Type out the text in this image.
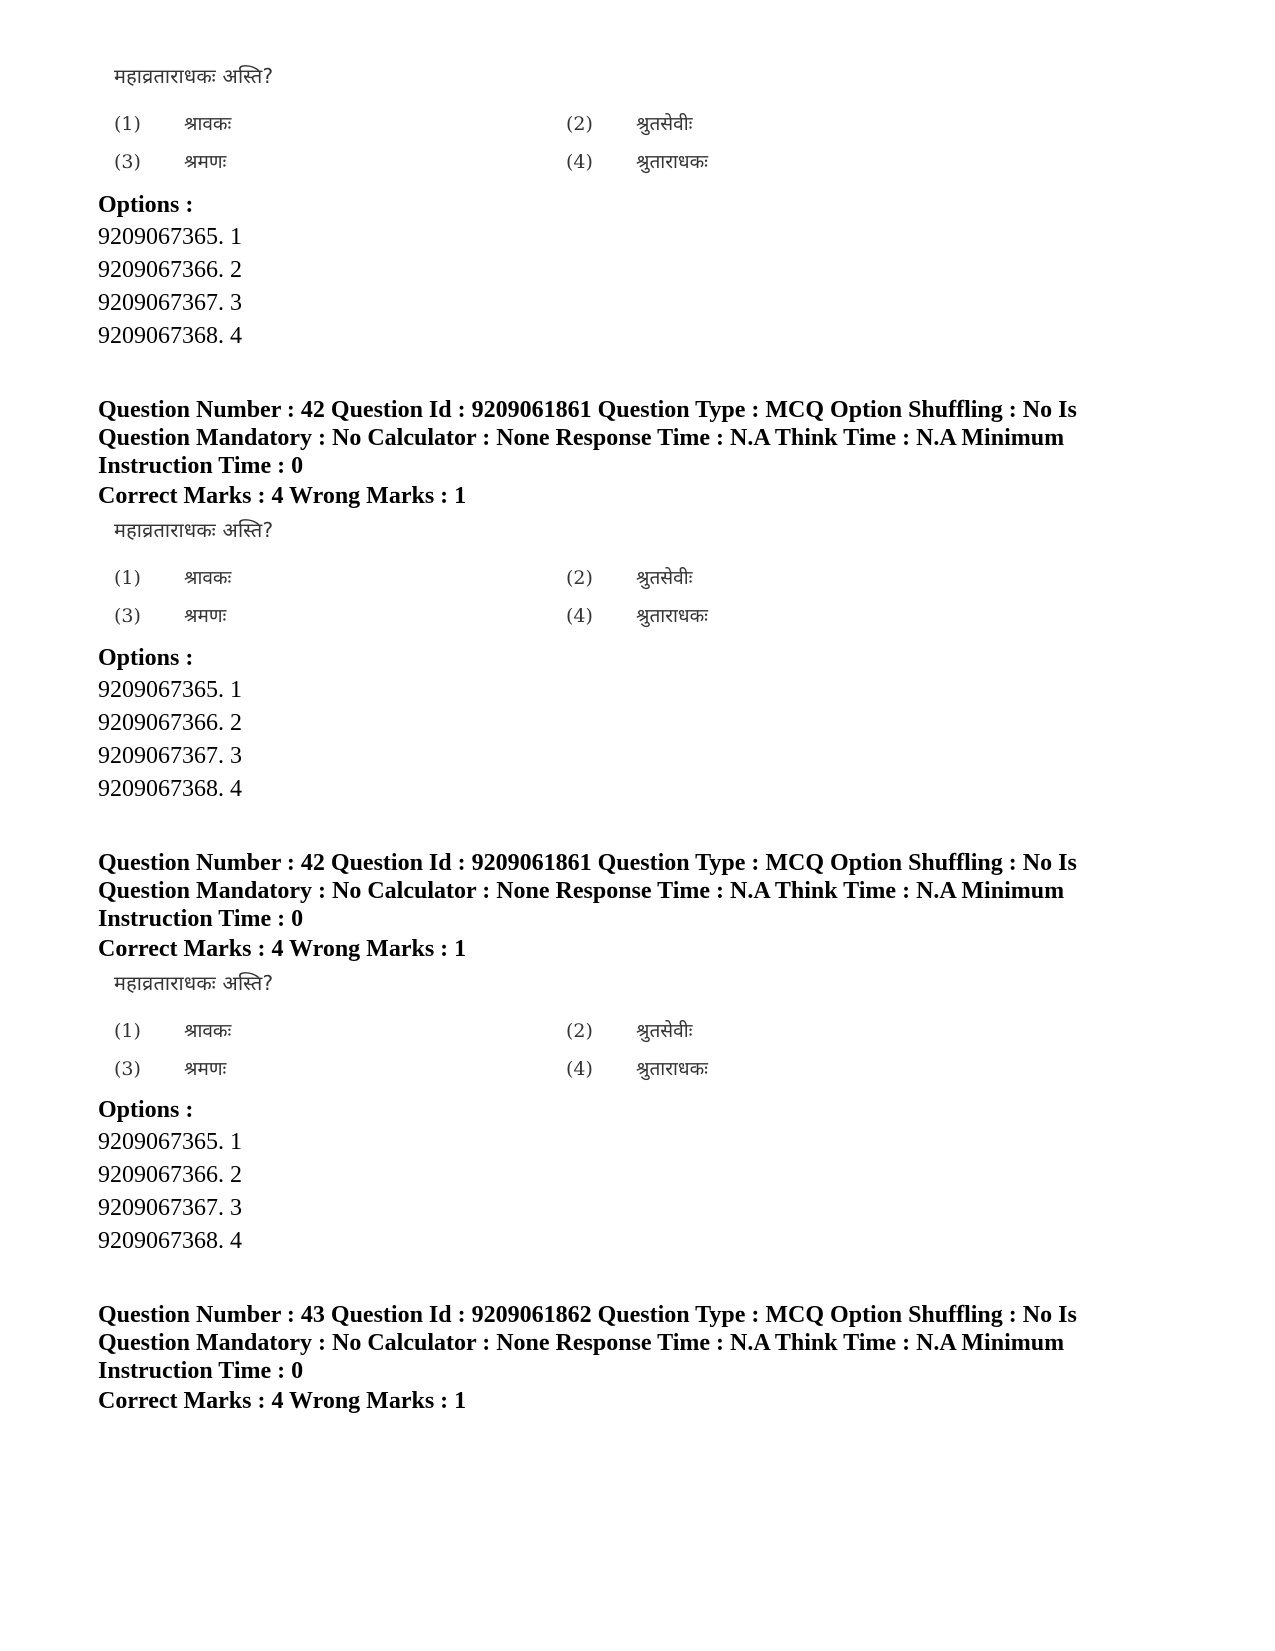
महाव्रताराधकः अस्ति?
(1) श्रावकः	(2) श्रुतसेवीः
(3) श्रमणः	(4) श्रुताराधकः
Options :
9209067365. 1
9209067366. 2
9209067367. 3
9209067368. 4
Question Number : 42 Question Id : 9209061861 Question Type : MCQ Option Shuffling : No Is Question Mandatory : No Calculator : None Response Time : N.A Think Time : N.A Minimum Instruction Time : 0
Correct Marks : 4 Wrong Marks : 1
महाव्रताराधकः अस्ति?
(1) श्रावकः	(2) श्रुतसेवीः
(3) श्रमणः	(4) श्रुताराधकः
Options :
9209067365. 1
9209067366. 2
9209067367. 3
9209067368. 4
Question Number : 42 Question Id : 9209061861 Question Type : MCQ Option Shuffling : No Is Question Mandatory : No Calculator : None Response Time : N.A Think Time : N.A Minimum Instruction Time : 0
Correct Marks : 4 Wrong Marks : 1
महाव्रताराधकः अस्ति?
(1) श्रावकः	(2) श्रुतसेवीः
(3) श्रमणः	(4) श्रुताराधकः
Options :
9209067365. 1
9209067366. 2
9209067367. 3
9209067368. 4
Question Number : 43 Question Id : 9209061862 Question Type : MCQ Option Shuffling : No Is Question Mandatory : No Calculator : None Response Time : N.A Think Time : N.A Minimum Instruction Time : 0
Correct Marks : 4 Wrong Marks : 1
